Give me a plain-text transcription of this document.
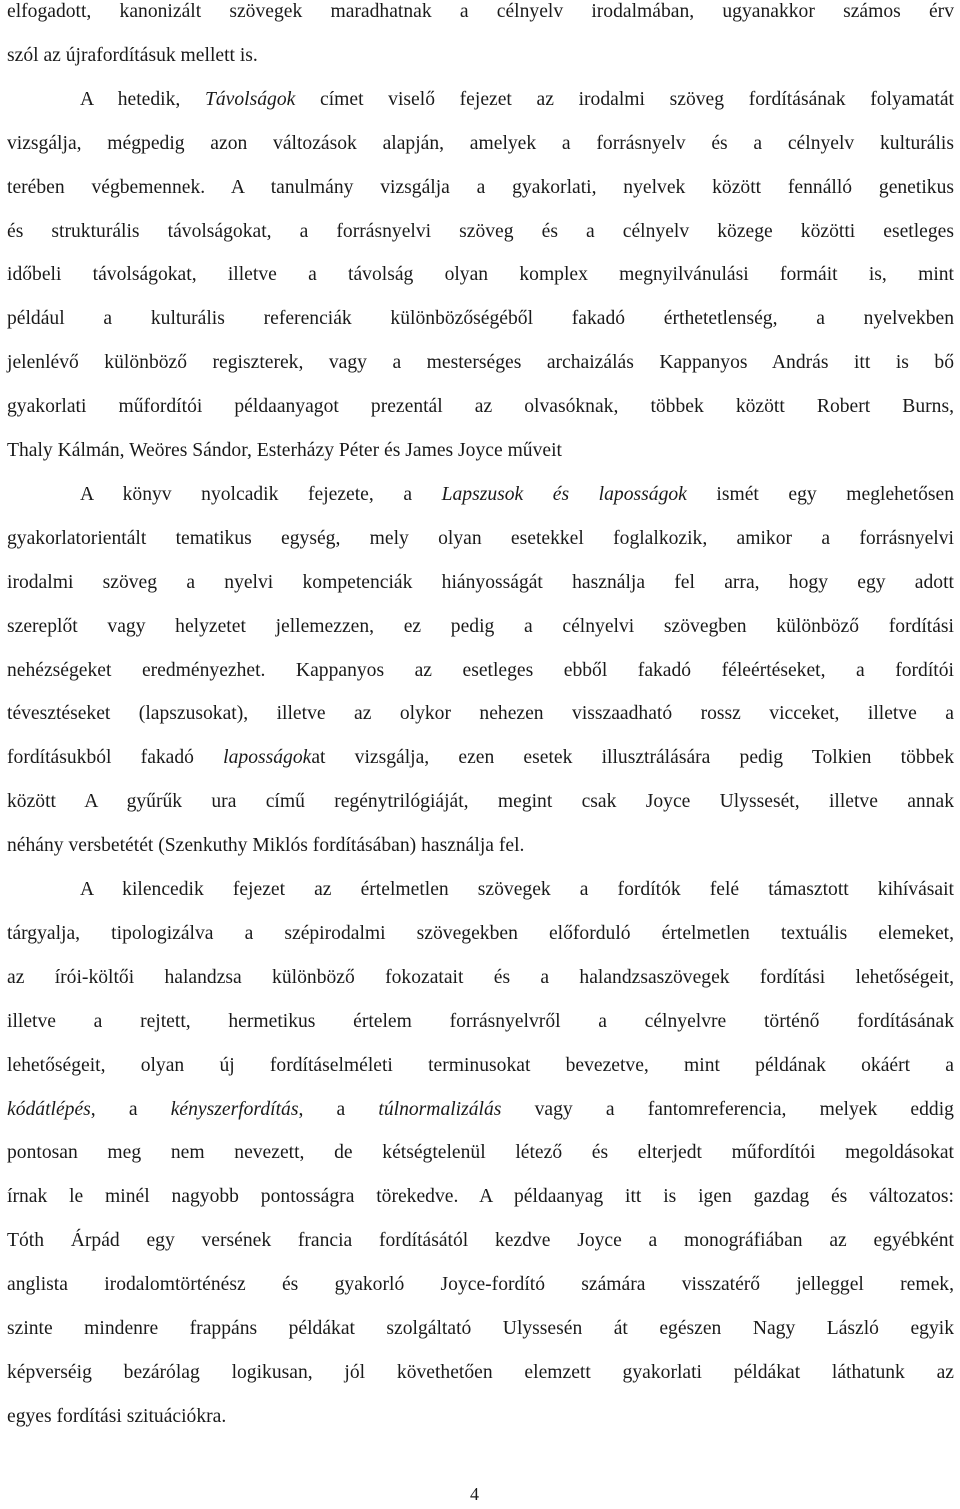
elfogadott, kanonizált szövegek maradhatnak a célnyelv irodalmában, ugyanakkor számos érv
szól az újrafordításuk mellett is.
A hetedik, Távolságok címet viselő fejezet az irodalmi szöveg fordításának folyamatát
vizsgálja, mégpedig azon változások alapján, amelyek a forrásnyelv és a célnyelv kulturális
terében végbemennek. A tanulmány vizsgálja a gyakorlati, nyelvek között fennálló genetikus
és strukturális távolságokat, a forrásnyelvi szöveg és a célnyelv közege közötti esetleges
időbeli távolságokat, illetve a távolság olyan komplex megnyilvánulási formáit is, mint
például a kulturális referenciák különbözőségéből fakadó érthetetlenség, a nyelvekben
jelenlévő különböző regiszterek, vagy a mesterséges archaizálás Kappanyos András itt is bő
gyakorlati műfordítói példaanyagot prezentál az olvasóknak, többek között Robert Burns,
Thaly Kálmán, Weöres Sándor, Esterházy Péter és James Joyce műveit
A könyv nyolcadik fejezete, a Lapszusok és laposságok ismét egy meglehetősen
gyakorlatorientált tematikus egység, mely olyan esetekkel foglalkozik, amikor a forrásnyelvi
irodalmi szöveg a nyelvi kompetenciák hiányosságát használja fel arra, hogy egy adott
szereplőt vagy helyzetet jellemezzen, ez pedig a célnyelvi szövegben különböző fordítási
nehézségeket eredményezhet. Kappanyos az esetleges ebből fakadó féleértéseket, a fordítói
tévesztéseket (lapszusokat), illetve az olykor nehezen visszaadható rossz vicceket, illetve a
fordításukból fakadó laposságokat vizsgálja, ezen esetek illusztrálására pedig Tolkien többek
között A gyűrűk ura című regénytrilógiáját, megint csak Joyce Ulyssesét, illetve annak
néhány versbetétét (Szenkuthy Miklós fordításában) használja fel.
A kilencedik fejezet az értelmetlen szövegek a fordítók felé támasztott kihívásait
tárgyalja, tipologizálva a szépirodalmi szövegekben előforduló értelmetlen textuális elemeket,
az írói-költői halandzsa különböző fokozatait és a halandzsaszövegek fordítási lehetőségeit,
illetve a rejtett, hermetikus értelem forrásnyelvről a célnyelvre történő fordításának
lehetőségeit, olyan új fordításelméleti terminusokat bevezetve, mint példának okáért a
kódátlépés, a kényszerfordítás, a túlnormalizálás vagy a fantomreferencia, melyek eddig
pontosan meg nem nevezett, de kétségtelenül létező és elterjedt műfordítói megoldásokat
írnak le minél nagyobb pontosságra törekedve. A példaanyag itt is igen gazdag és változatos:
Tóth Árpád egy versének francia fordításától kezdve Joyce a monográfiában az egyébként
anglista irodalomtörténész és gyakorló Joyce-fordító számára visszatérő jelleggel remek,
szinte mindenre frappáns példákat szolgáltató Ulyssesén át egészen Nagy László egyik
képverséig bezárólag logikusan, jól követhetően elemzett gyakorlati példákat láthatunk az
egyes fordítási szituációkra.
4
